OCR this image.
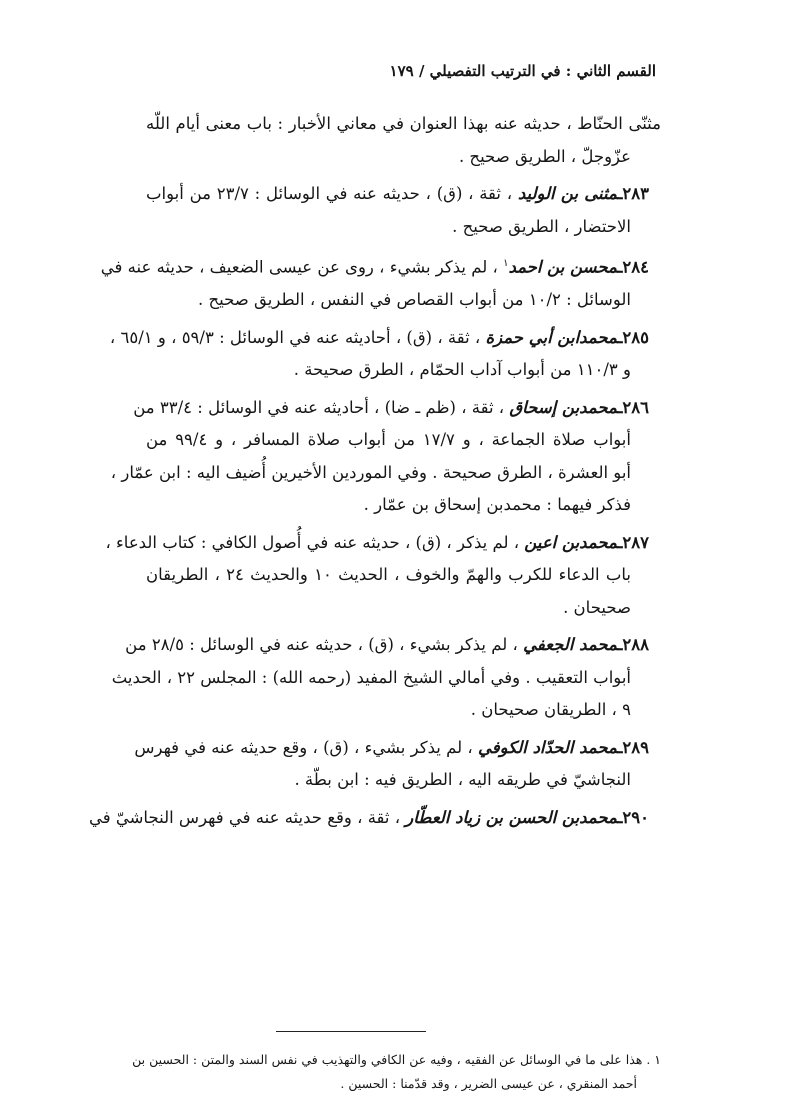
القسم الثاني : في الترتيب التفصيلي / ١٧٩
مثنّى الحنّاط ، حديثه عنه بهذا العنوان في معاني الأخبار : باب معنى أيام اللّه
عزّوجلّ ، الطريق صحيح .
٢٨٣ـمثنى بن الوليد ، ثقة ، (ق) ، حديثه عنه في الوسائل : ٢٣/٧ من أبواب
الاحتضار ، الطريق صحيح .
٢٨٤ـمحسن بن احمد$^١$ ، لم يذكر بشيء ، روى عن عيسى الضعيف ، حديثه عنه في
الوسائل : ١٠/٢ من أبواب القصاص في النفس ، الطريق صحيح .
٢٨٥ـمحمدابن أبي حمزة ، ثقة ، (ق) ، أحاديثه عنه في الوسائل : ٥٩/٣ ، و ٦٥/١ ،
و ١١٠/٣ من أبواب آداب الحمّام ، الطرق صحيحة .
٢٨٦ـمحمدبن إسحاق ، ثقة ، (ظم ـ ضا) ، أحاديثه عنه في الوسائل : ٣٣/٤ من
أبواب صلاة الجماعة ، و ١٧/٧ من أبواب صلاة المسافر ، و ٩٩/٤ من
أبو العشرة ، الطرق صحيحة . وفي الموردين الأخيرين أُضيف اليه : ابن عمّار ،
فذكر فيهما : محمدبن إسحاق بن عمّار .
٢٨٧ـمحمدبن اعين ، لم يذكر ، (ق) ، حديثه عنه في أُصول الكافي : كتاب الدعاء ،
باب الدعاء للكرب والهمّ والخوف ، الحديث ١٠ والحديث ٢٤ ، الطريقان
صحيحان .
٢٨٨ـمحمد الجعفي ، لم يذكر بشيء ، (ق) ، حديثه عنه في الوسائل : ٢٨/٥ من
أبواب التعقيب . وفي أمالي الشيخ المفيد (رحمه الله) : المجلس ٢٢ ، الحديث
٩ ، الطريقان صحيحان .
٢٨٩ـمحمد الحدّاد الكوفي ، لم يذكر بشيء ، (ق) ، وقع حديثه عنه في فهرس
النجاشيّ في طريقه اليه ، الطريق فيه : ابن بطّة .
٢٩٠ـمحمدبن الحسن بن زياد العطّار ، ثقة ، وقع حديثه عنه في فهرس النجاشيّ في
١ . هذا على ما في الوسائل عن الفقيه ، وفيه عن الكافي والتهذيب في نفس السند والمتن : الحسين بن
أحمد المنقري ، عن عيسى الضرير ، وقد قدّمنا : الحسين .
